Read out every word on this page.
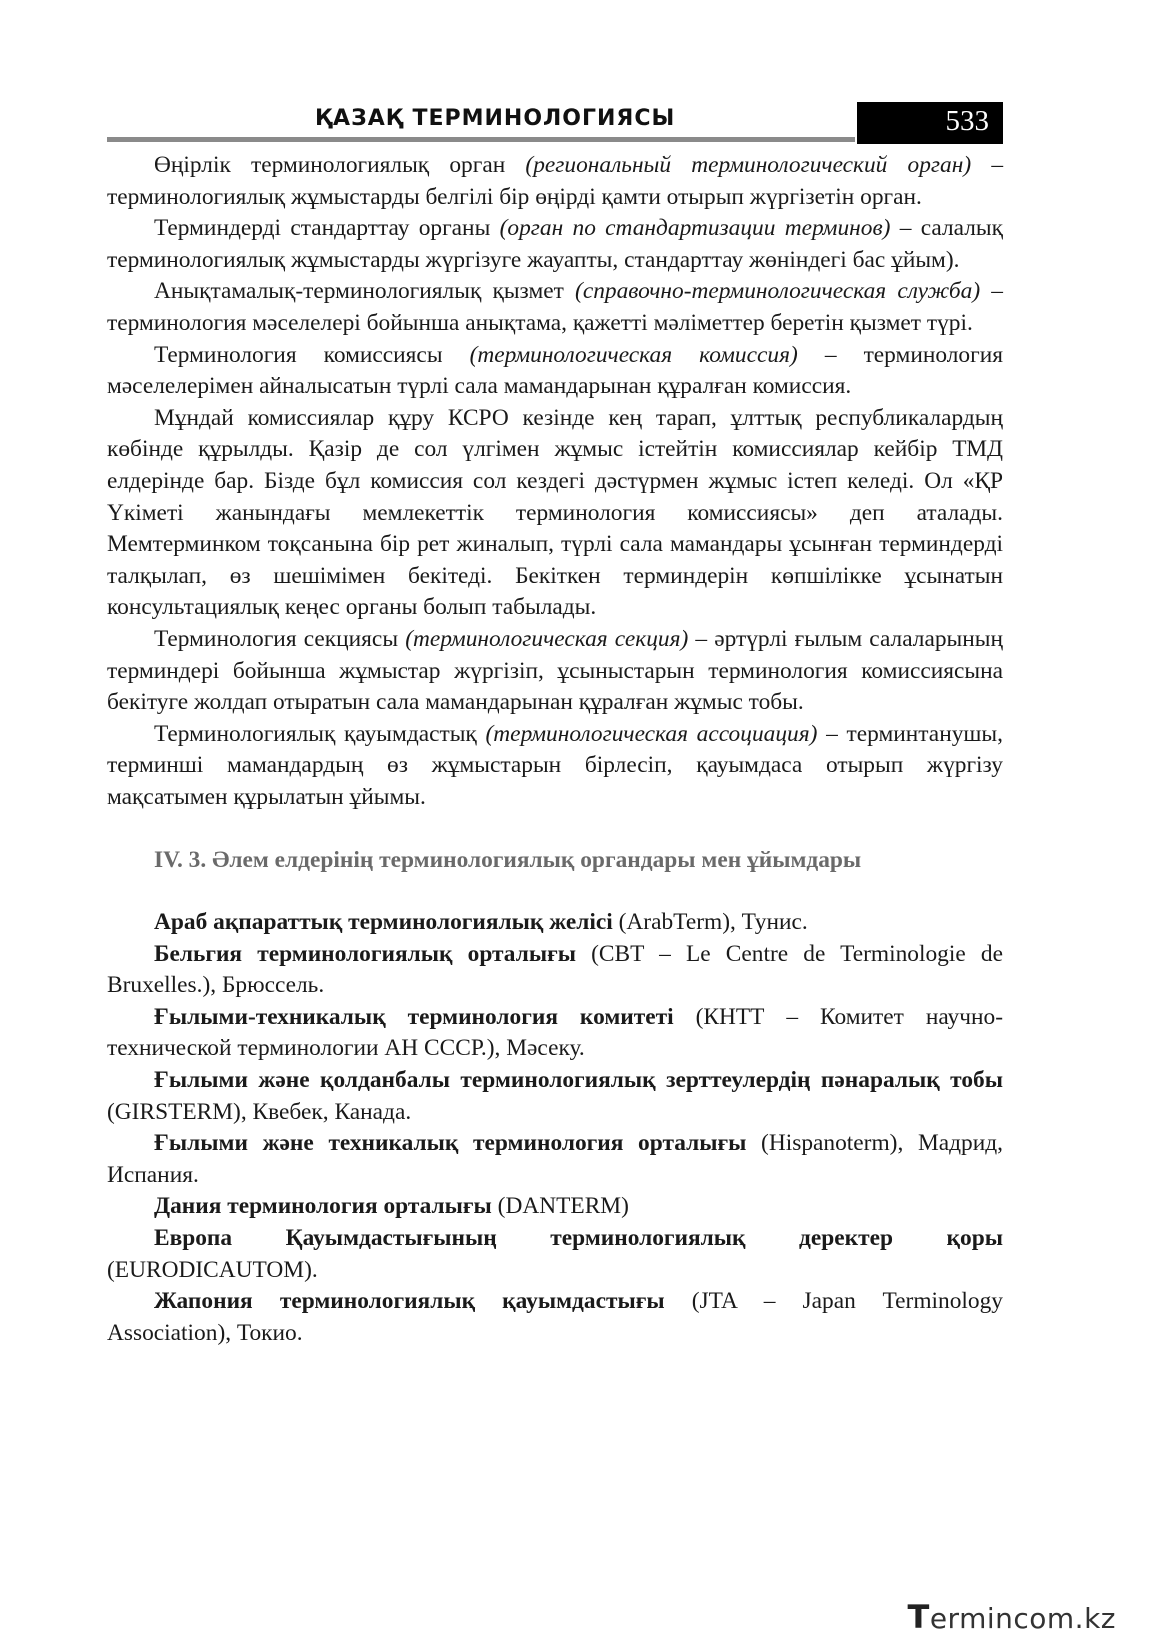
ҚАЗАҚ ТЕРМИНОЛОГИЯСЫ	533

Өңірлік терминологиялық орган (региональный терминологический орган) – терминологиялық жұмыстарды белгілі бір өңірді қамти отырып жүргізетін орган.

Терминдерді стандарттау органы (орган по стандартизации терминов) – салалық терминологиялық жұмыстарды жүргізуге жауапты, стандарттау жөніндегі бас ұйым).

Анықтамалық-терминологиялық қызмет (справочно-терминологическая служба) – терминология мәселелері бойынша анықтама, қажетті мәліметтер беретін қызмет түрі.

Терминология комиссиясы (терминологическая комиссия) – терминология мәселелерімен айналысатын түрлі сала мамандарынан құралған комиссия.

Мұндай комиссиялар құру КСРО кезінде кең тарап, ұлттық республикалардың көбінде құрылды. Қазір де сол үлгімен жұмыс істейтін комиссиялар кейбір ТМД елдерінде бар. Бізде бұл комиссия сол кездегі дәстүрмен жұмыс істеп келеді. Ол «ҚР Үкіметі жанындағы мемлекеттік терминология комиссиясы» деп аталады. Мемтерминком тоқсанына бір рет жиналып, түрлі сала мамандары ұсынған терминдерді талқылап, өз шешімімен бекітеді. Бекіткен терминдерін көпшілікке ұсынатын консультациялық кеңес органы болып табылады.

Терминология секциясы (терминологическая секция) – әртүрлі ғылым салаларының терминдері бойынша жұмыстар жүргізіп, ұсыныстарын терминология комиссиясына бекітуге жолдап отыратын сала мамандарынан құралған жұмыс тобы.

Терминологиялық қауымдастық (терминологическая ассоциация) – терминтанушы, терминші мамандардың өз жұмыстарын бірлесіп, қауымдаса отырып жүргізу мақсатымен құрылатын ұйымы.

IV. 3. Әлем елдерінің терминологиялық органдары мен ұйымдары

Араб ақпараттық терминологиялық желісі (ArabTerm), Тунис.

Бельгия терминологиялық орталығы (CBT – Le Centre de Terminologie de Bruxelles.), Брюссель.

Ғылыми-техникалық терминология комитеті (КНТТ – Комитет научно-технической терминологии АН СССР.), Мәсеку.

Ғылыми және қолданбалы терминологиялық зерттеулердің пәнаралық тобы (GIRSTERM), Квебек, Канада.

Ғылыми және техникалық терминология орталығы (Hispanoterm), Мадрид, Испания.

Дания терминология орталығы (DANTERM)

Европа Қауымдастығының терминологиялық деректер қоры (EURODICAUTOM).

Жапония терминологиялық қауымдастығы (JTA – Japan Terminology Association), Токио.

Termincom.kz
